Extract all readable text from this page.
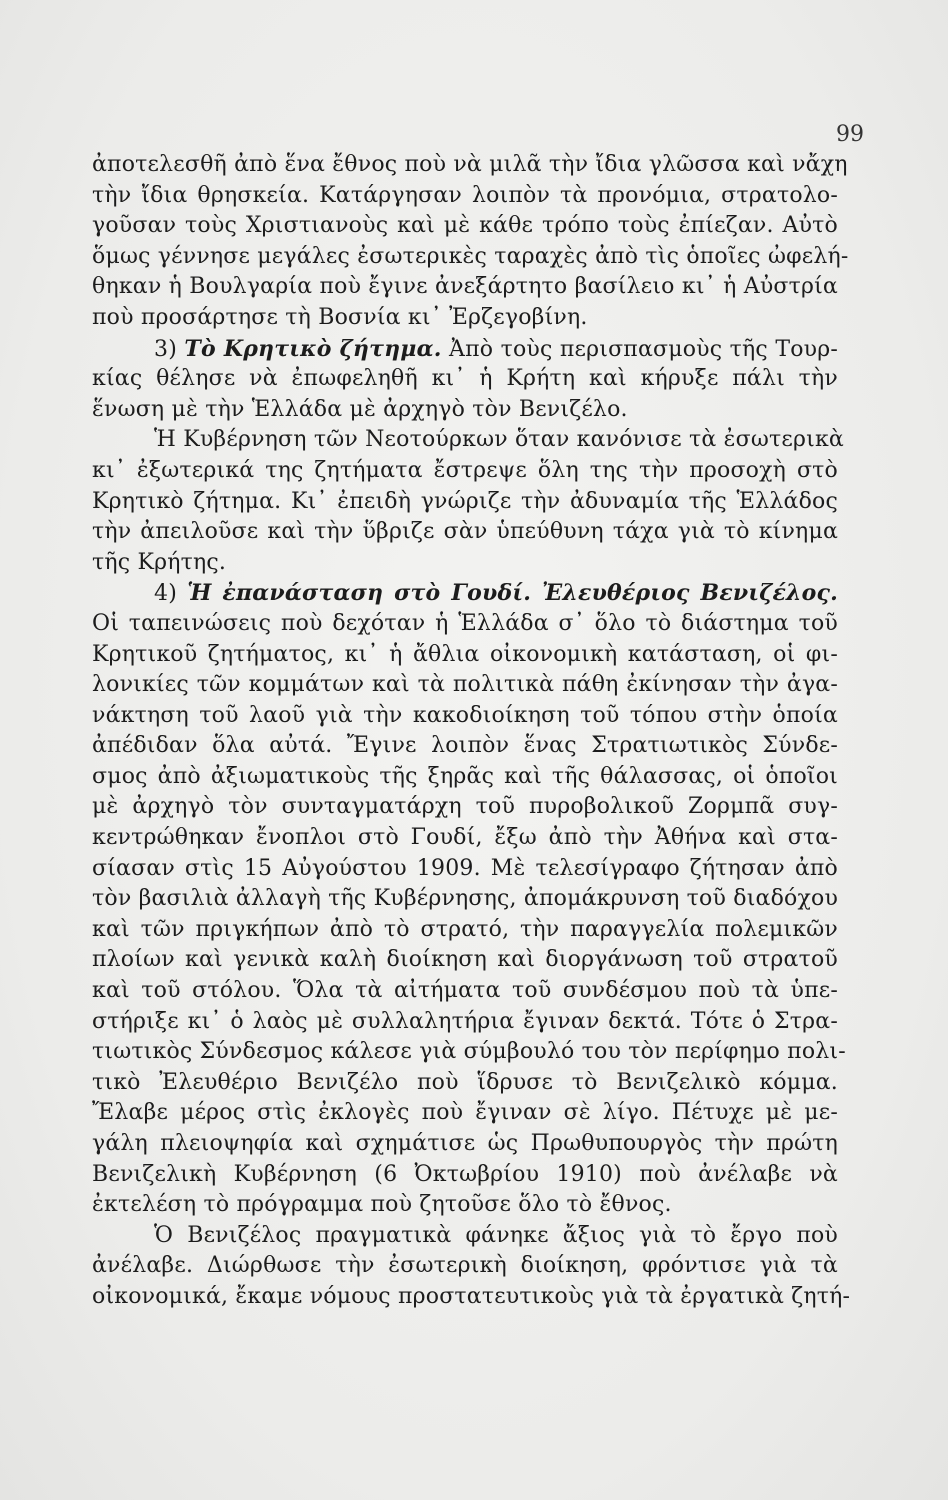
99
ἀποτελεσθῆ ἀπὸ ἕνα ἔθνος ποὺ νὰ μιλᾶ τὴν ἴδια γλῶσσα καὶ νἄχη
τὴν ἴδια θρησκεία. Κατάργησαν λοιπὸν τὰ προνόμια, στρατολο-
γοῦσαν τοὺς Χριστιανοὺς καὶ μὲ κάθε τρόπο τοὺς ἐπίεζαν. Αὐτὸ
ὅμως γέννησε μεγάλες ἐσωτερικὲς ταραχὲς ἀπὸ τὶς ὁποῖες ὠφελή-
θηκαν ἡ Βουλγαρία ποὺ ἔγινε ἀνεξάρτητο βασίλειο κι᾿ ἡ Αὐστρία
ποὺ προσάρτησε τὴ Βοσνία κι᾿ Ἐρζεγοβίνη.
3) Τὸ Κρητικὸ ζήτημα. Ἀπὸ τοὺς περισπασμοὺς τῆς Τουρ-
κίας θέλησε νὰ ἐπωφεληθῆ κι᾿ ἡ Κρήτη καὶ κήρυξε πάλι τὴν
ἕνωση μὲ τὴν Ἑλλάδα μὲ ἀρχηγὸ τὸν Βενιζέλο.
Ἡ Κυβέρνηση τῶν Νεοτούρκων ὅταν κανόνισε τὰ ἐσωτερικὰ
κι᾿ ἐξωτερικά της ζητήματα ἔστρεψε ὅλη της τὴν προσοχὴ στὸ
Κρητικὸ ζήτημα. Κι᾿ ἐπειδὴ γνώριζε τὴν ἀδυναμία τῆς Ἑλλάδος
τὴν ἀπειλοῦσε καὶ τὴν ὕβριζε σὰν ὑπεύθυνη τάχα γιὰ τὸ κίνημα
τῆς Κρήτης.
4) Ἡ ἐπανάσταση στὸ Γουδί. Ἐλευθέριος Βενιζέλος.
Οἱ ταπεινώσεις ποὺ δεχόταν ἡ Ἑλλάδα σ᾿ ὅλο τὸ διάστημα τοῦ
Κρητικοῦ ζητήματος, κι᾿ ἡ ἄθλια οἰκονομικὴ κατάσταση, οἱ φι-
λονικίες τῶν κομμάτων καὶ τὰ πολιτικὰ πάθη ἐκίνησαν τὴν ἀγα-
νάκτηση τοῦ λαοῦ γιὰ τὴν κακοδιοίκηση τοῦ τόπου στὴν ὁποία
ἀπέδιδαν ὅλα αὐτά. Ἔγινε λοιπὸν ἕνας Στρατιωτικὸς Σύνδε-
σμος ἀπὸ ἀξιωματικοὺς τῆς ξηρᾶς καὶ τῆς θάλασσας, οἱ ὁποῖοι
μὲ ἀρχηγὸ τὸν συνταγματάρχη τοῦ πυροβολικοῦ Ζορμπᾶ συγ-
κεντρώθηκαν ἔνοπλοι στὸ Γουδί, ἔξω ἀπὸ τὴν Ἀθήνα καὶ στα-
σίασαν στὶς 15 Αὐγούστου 1909. Μὲ τελεσίγραφο ζήτησαν ἀπὸ
τὸν βασιλιὰ ἀλλαγὴ τῆς Κυβέρνησης, ἀπομάκρυνση τοῦ διαδόχου
καὶ τῶν πριγκήπων ἀπὸ τὸ στρατό, τὴν παραγγελία πολεμικῶν
πλοίων καὶ γενικὰ καλὴ διοίκηση καὶ διοργάνωση τοῦ στρατοῦ
καὶ τοῦ στόλου. Ὅλα τὰ αἰτήματα τοῦ συνδέσμου ποὺ τὰ ὑπε-
στήριξε κι᾿ ὁ λαὸς μὲ συλλαλητήρια ἔγιναν δεκτά. Τότε ὁ Στρα-
τιωτικὸς Σύνδεσμος κάλεσε γιὰ σύμβουλό του τὸν περίφημο πολι-
τικὸ Ἐλευθέριο Βενιζέλο ποὺ ἵδρυσε τὸ Βενιζελικὸ κόμμα.
Ἔλαβε μέρος στὶς ἐκλογὲς ποὺ ἔγιναν σὲ λίγο. Πέτυχε μὲ με-
γάλη πλειοψηφία καὶ σχημάτισε ὡς Πρωθυπουργὸς τὴν πρώτη
Βενιζελικὴ Κυβέρνηση (6 Ὀκτωβρίου 1910) ποὺ ἀνέλαβε νὰ
ἐκτελέση τὸ πρόγραμμα ποὺ ζητοῦσε ὅλο τὸ ἔθνος.
Ὁ Βενιζέλος πραγματικὰ φάνηκε ἄξιος γιὰ τὸ ἔργο ποὺ
ἀνέλαβε. Διώρθωσε τὴν ἐσωτερικὴ διοίκηση, φρόντισε γιὰ τὰ
οἰκονομικά, ἔκαμε νόμους προστατευτικοὺς γιὰ τὰ ἐργατικὰ ζητή-
